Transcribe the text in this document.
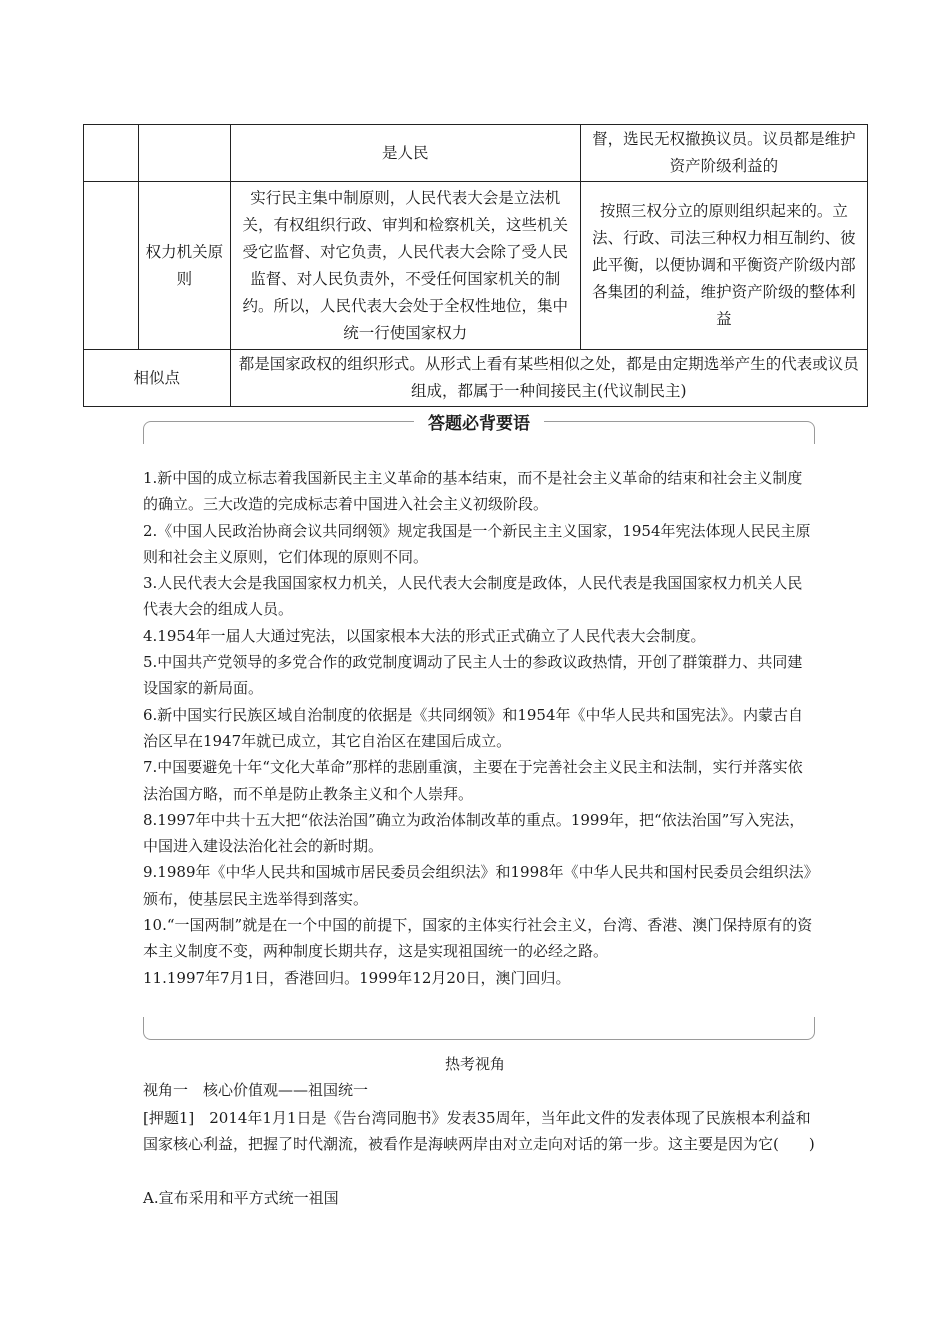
		是人民	督，选民无权撤换议员。议员都是维护资产阶级利益的
	权力机关原则	实行民主集中制原则，人民代表大会是立法机关，有权组织行政、审判和检察机关，这些机关受它监督、对它负责，人民代表大会除了受人民监督、对人民负责外，不受任何国家机关的制约。所以，人民代表大会处于全权性地位，集中统一行使国家权力	按照三权分立的原则组织起来的。立法、行政、司法三种权力相互制约、彼此平衡，以便协调和平衡资产阶级内部各集团的利益，维护资产阶级的整体利益
相似点		都是国家政权的组织形式。从形式上看有某些相似之处，都是由定期选举产生的代表或议员组成，都属于一种间接民主(代议制民主)	
答题必背要语

1.新中国的成立标志着我国新民主主义革命的基本结束，而不是社会主义革命的结束和社会主义制度的确立。三大改造的完成标志着中国进入社会主义初级阶段。

2.《中国人民政治协商会议共同纲领》规定我国是一个新民主主义国家，1954年宪法体现人民民主原则和社会主义原则，它们体现的原则不同。

3.人民代表大会是我国国家权力机关，人民代表大会制度是政体，人民代表是我国国家权力机关人民代表大会的组成人员。

4.1954年一届人大通过宪法，以国家根本大法的形式正式确立了人民代表大会制度。

5.中国共产党领导的多党合作的政党制度调动了民主人士的参政议政热情，开创了群策群力、共同建设国家的新局面。

6.新中国实行民族区域自治制度的依据是《共同纲领》和1954年《中华人民共和国宪法》。内蒙古自治区早在1947年就已成立，其它自治区在建国后成立。

7.中国要避免十年“文化大革命”那样的悲剧重演，主要在于完善社会主义民主和法制，实行并落实依法治国方略，而不单是防止教条主义和个人崇拜。

8.1997年中共十五大把“依法治国”确立为政治体制改革的重点。1999年，把“依法治国”写入宪法，中国进入建设法治化社会的新时期。

9.1989年《中华人民共和国城市居民委员会组织法》和1998年《中华人民共和国村民委员会组织法》颁布，使基层民主选举得到落实。

10.“一国两制”就是在一个中国的前提下，国家的主体实行社会主义，台湾、香港、澳门保持原有的资本主义制度不变，两种制度长期共存，这是实现祖国统一的必经之路。

11.1997年7月1日，香港回归。1999年12月20日，澳门回归。

热考视角
视角一　核心价值观——祖国统一
[押题1]　2014年1月1日是《告台湾同胞书》发表35周年，当年此文件的发表体现了民族根本利益和国家核心利益，把握了时代潮流，被看作是海峡两岸由对立走向对话的第一步。这主要是因为它(　　)
A.宣布采用和平方式统一祖国
